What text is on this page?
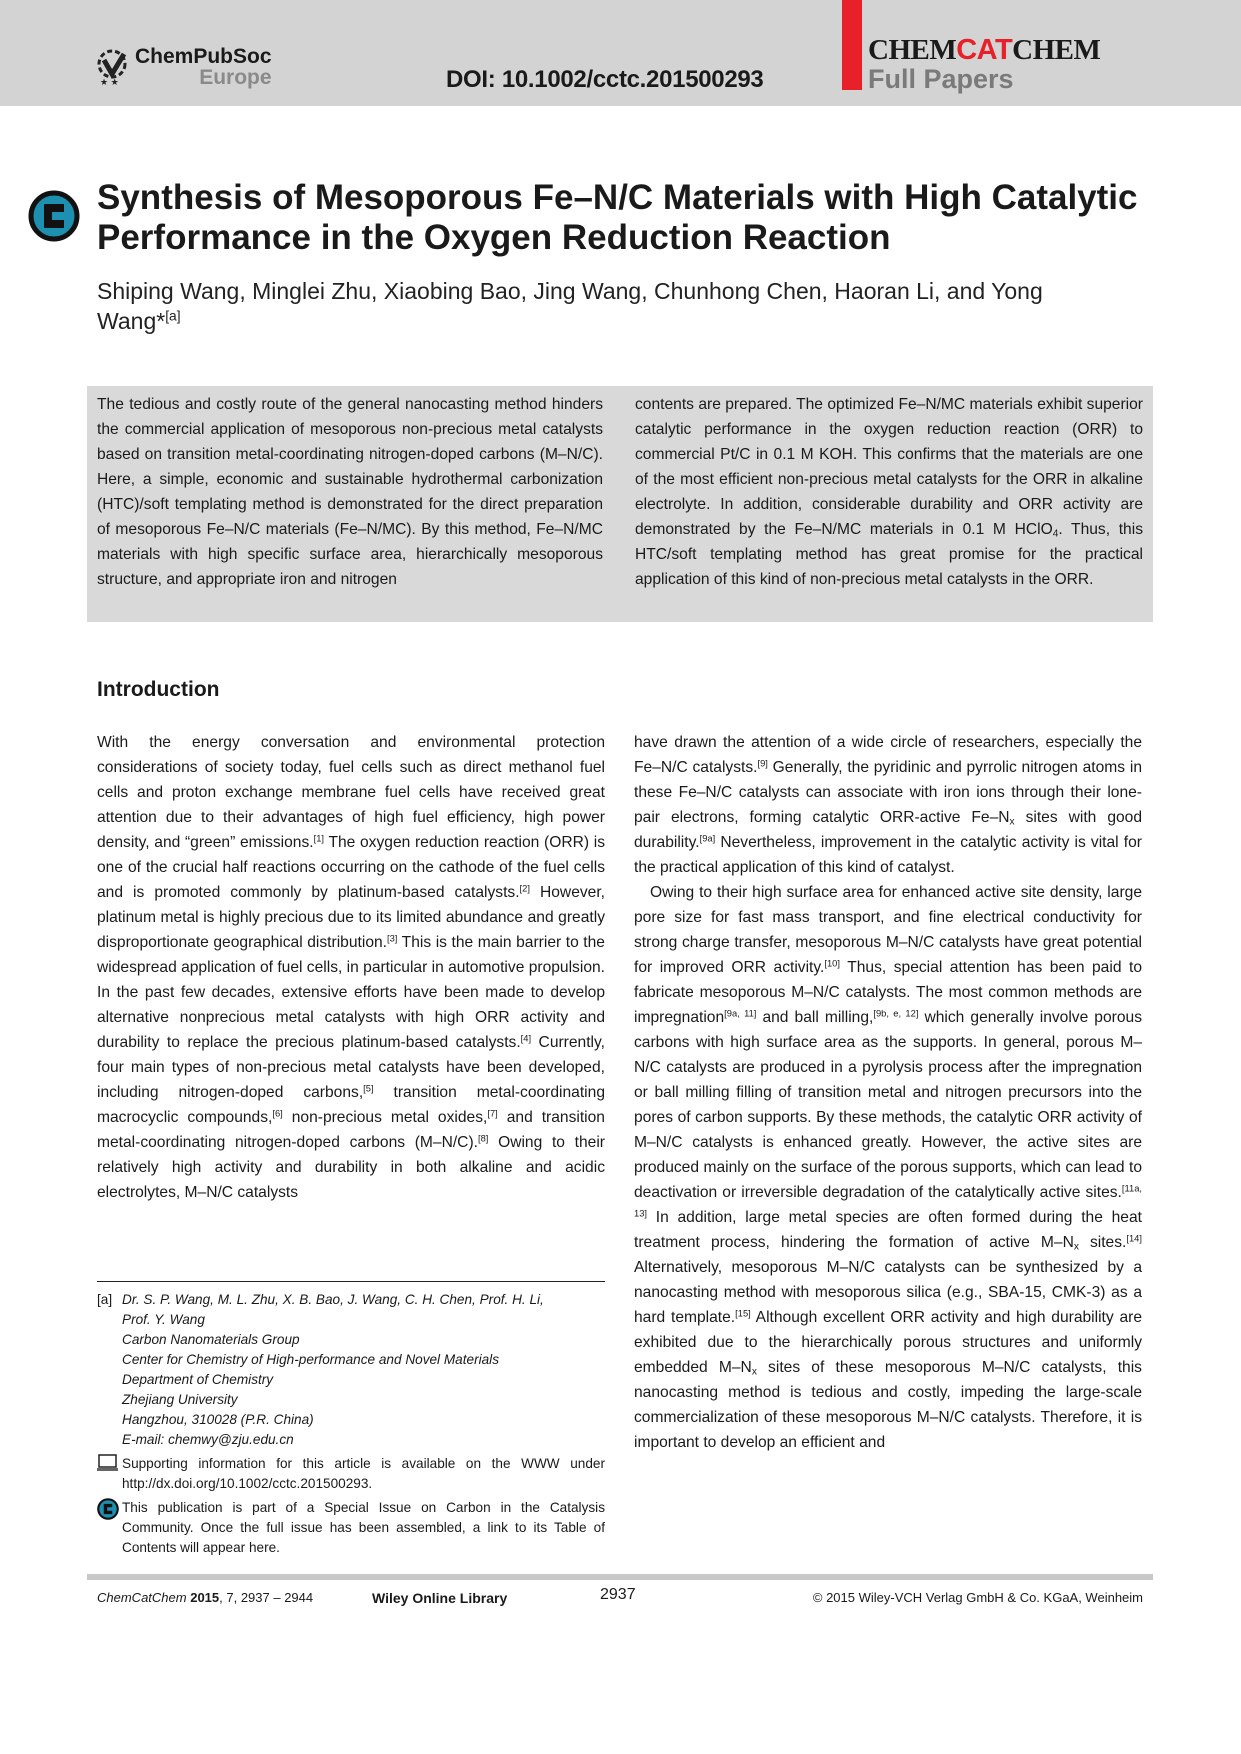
★ ★
ChemPubSoc
Europe	DOI: 10.1002/cctc.201500293
CHEMCATCHEM
Full Papers
Synthesis of Mesoporous Fe–N/C Materials with High Catalytic Performance in the Oxygen Reduction Reaction
Shiping Wang, Minglei Zhu, Xiaobing Bao, Jing Wang, Chunhong Chen, Haoran Li, and Yong Wang*[a]
The tedious and costly route of the general nanocasting method hinders the commercial application of mesoporous non-precious metal catalysts based on transition metal-coordinating nitrogen-doped carbons (M–N/C). Here, a simple, economic and sustainable hydrothermal carbonization (HTC)/soft templating method is demonstrated for the direct preparation of mesoporous Fe–N/C materials (Fe–N/MC). By this method, Fe–N/MC materials with high specific surface area, hierarchically mesoporous structure, and appropriate iron and nitrogen
contents are prepared. The optimized Fe–N/MC materials exhibit superior catalytic performance in the oxygen reduction reaction (ORR) to commercial Pt/C in 0.1 M KOH. This confirms that the materials are one of the most efficient non-precious metal catalysts for the ORR in alkaline electrolyte. In addition, considerable durability and ORR activity are demonstrated by the Fe–N/MC materials in 0.1 M HClO$_4$. Thus, this HTC/soft templating method has great promise for the practical application of this kind of non-precious metal catalysts in the ORR.
Introduction
With the energy conversation and environmental protection considerations of society today, fuel cells such as direct methanol fuel cells and proton exchange membrane fuel cells have received great attention due to their advantages of high fuel efficiency, high power density, and “green” emissions.[1] The oxygen reduction reaction (ORR) is one of the crucial half reactions occurring on the cathode of the fuel cells and is promoted commonly by platinum-based catalysts.[2] However, platinum metal is highly precious due to its limited abundance and greatly disproportionate geographical distribution.[3] This is the main barrier to the widespread application of fuel cells, in particular in automotive propulsion. In the past few decades, extensive efforts have been made to develop alternative nonprecious metal catalysts with high ORR activity and durability to replace the precious platinum-based catalysts.[4] Currently, four main types of non-precious metal catalysts have been developed, including nitrogen-doped carbons,[5] transition metal-coordinating macrocyclic compounds,[6] non-precious metal oxides,[7] and transition metal-coordinating nitrogen-doped carbons (M–N/C).[8] Owing to their relatively high activity and durability in both alkaline and acidic electrolytes, M–N/C catalysts
have drawn the attention of a wide circle of researchers, especially the Fe–N/C catalysts.[9] Generally, the pyridinic and pyrrolic nitrogen atoms in these Fe–N/C catalysts can associate with iron ions through their lone-pair electrons, forming catalytic ORR-active $Fe-N_x$ sites with good durability.[9a] Nevertheless, improvement in the catalytic activity is vital for the practical application of this kind of catalyst.
Owing to their high surface area for enhanced active site density, large pore size for fast mass transport, and fine electrical conductivity for strong charge transfer, mesoporous M–N/C catalysts have great potential for improved ORR activity.[10] Thus, special attention has been paid to fabricate mesoporous M–N/C catalysts. The most common methods are impregnation[9a, 11] and ball milling,[9b, e, 12] which generally involve porous carbons with high surface area as the supports. In general, porous M–N/C catalysts are produced in a pyrolysis process after the impregnation or ball milling filling of transition metal and nitrogen precursors into the pores of carbon supports. By these methods, the catalytic ORR activity of M–N/C catalysts is enhanced greatly. However, the active sites are produced mainly on the surface of the porous supports, which can lead to deactivation or irreversible degradation of the catalytically active sites.[11a, 13] In addition, large metal species are often formed during the heat treatment process, hindering the formation of active $M-N_x$ sites.[14] Alternatively, mesoporous M–N/C catalysts can be synthesized by a nanocasting method with mesoporous silica (e.g., SBA-15, CMK-3) as a hard template.[15] Although excellent ORR activity and high durability are exhibited due to the hierarchically porous structures and uniformly embedded $M-N_x$ sites of these mesoporous M–N/C catalysts, this nanocasting method is tedious and costly, impeding the large-scale commercialization of these mesoporous M–N/C catalysts. Therefore, it is important to develop an efficient and
[a] Dr. S. P. Wang, M. L. Zhu, X. B. Bao, J. Wang, C. H. Chen, Prof. H. Li,
Prof. Y. Wang
Carbon Nanomaterials Group
Center for Chemistry of High-performance and Novel Materials
Department of Chemistry
Zhejiang University
Hangzhou, 310028 (P.R. China)
E-mail: chemwy@zju.edu.cn
Supporting information for this article is available on the WWW under http://dx.doi.org/10.1002/cctc.201500293.
This publication is part of a Special Issue on Carbon in the Catalysis Community. Once the full issue has been assembled, a link to its Table of Contents will appear here.
ChemCatChem 2015, 7, 2937 – 2944	Wiley Online Library	2937	© 2015 Wiley-VCH Verlag GmbH & Co. KGaA, Weinheim
